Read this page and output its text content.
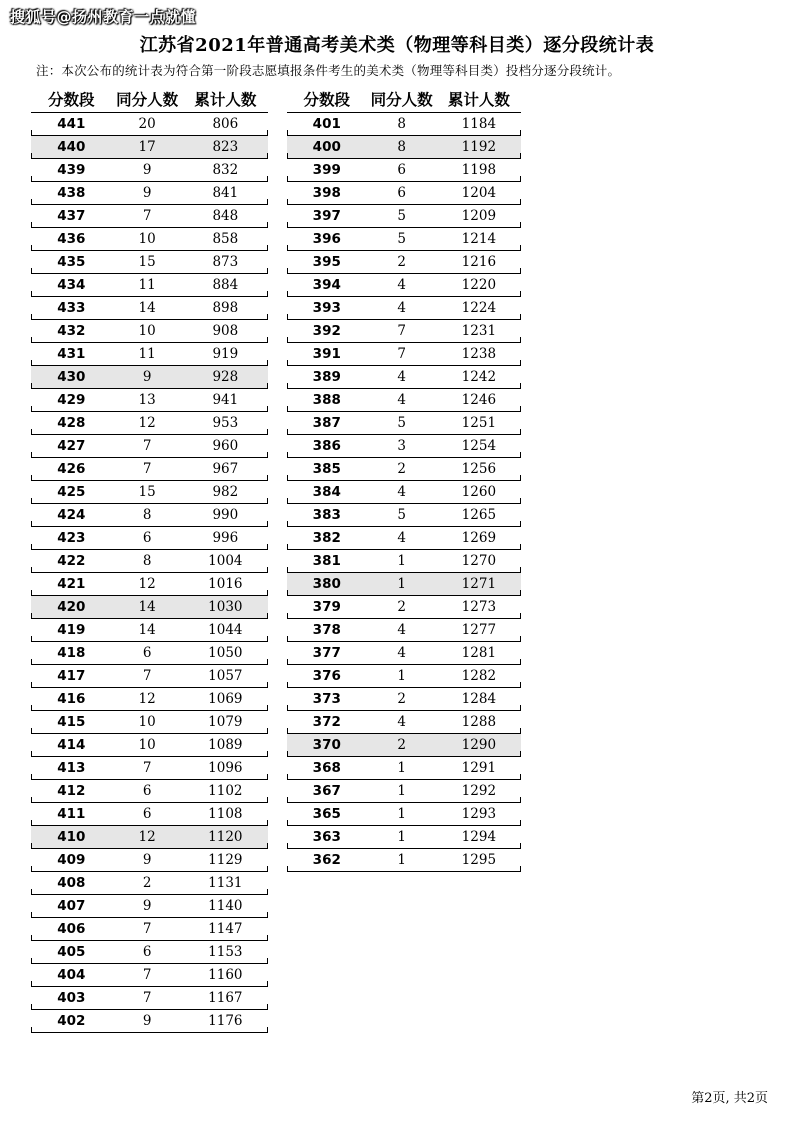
搜狐号@扬州教育一点就懂
江苏省2021年普通高考美术类（物理等科目类）逐分段统计表
注：本次公布的统计表为符合第一阶段志愿填报条件考生的美术类（物理等科目类）投档分逐分段统计。
分数段	同分人数	累计人数
441	20	806
440	17	823
439	9	832
438	9	841
437	7	848
436	10	858
435	15	873
434	11	884
433	14	898
432	10	908
431	11	919
430	9	928
429	13	941
428	12	953
427	7	960
426	7	967
425	15	982
424	8	990
423	6	996
422	8	1004
421	12	1016
420	14	1030
419	14	1044
418	6	1050
417	7	1057
416	12	1069
415	10	1079
414	10	1089
413	7	1096
412	6	1102
411	6	1108
410	12	1120
409	9	1129
408	2	1131
407	9	1140
406	7	1147
405	6	1153
404	7	1160
403	7	1167
402	9	1176
分数段	同分人数 累计人数
401	8	1184
400	8	1192
399	6	1198
398	6	1204
397	5	1209
396	5	1214
395	2	1216
394	4	1220
393	4	1224
392	7	1231
391	7	1238
389	4	1242
388	4	1246
387	5	1251
386	3	1254
385	2	1256
384	4	1260
383	5	1265
382	4	1269
381	1	1270
380	1	1271
379	2	1273
378	4	1277
377	4	1281
376	1	1282
373	2	1284
372	4	1288
370	2	1290
368	1	1291
367	1	1292
365	1	1293
363	1	1294
362	1	1295
第2页, 共2页
